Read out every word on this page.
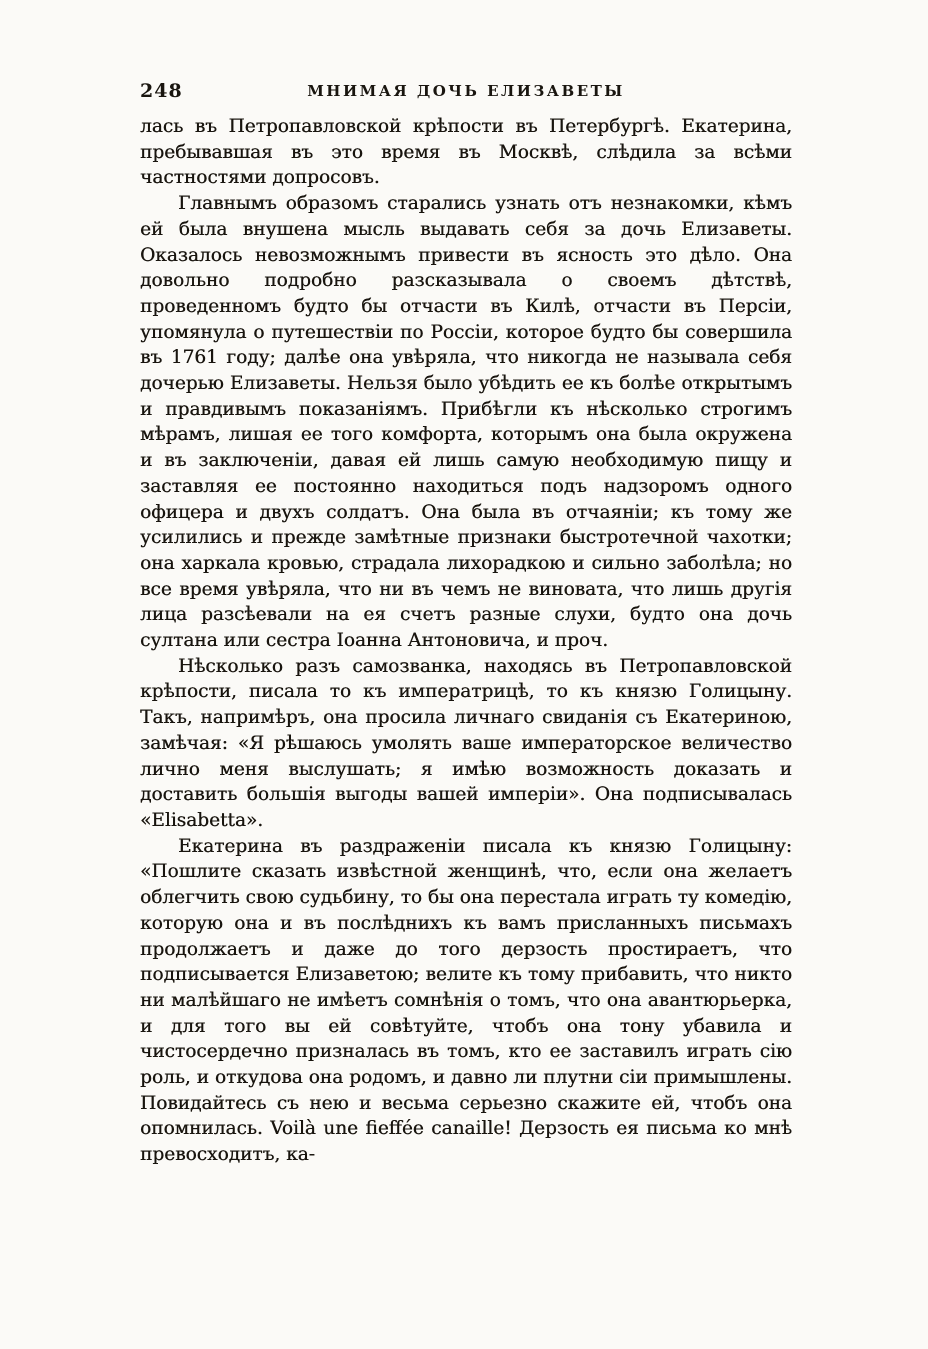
248	МНИМАЯ ДОЧЬ ЕЛИЗАВЕТЫ

лась въ Петропавловской крѣпости въ Петербургѣ. Екатерина, пребывавшая въ это время въ Москвѣ, слѣдила за всѣми частностями допросовъ.

Главнымъ образомъ старались узнать отъ незнакомки, кѣмъ ей была внушена мысль выдавать себя за дочь Елизаветы. Оказалось невозможнымъ привести въ ясность это дѣло. Она довольно подробно разсказывала о своемъ дѣтствѣ, проведенномъ будто бы отчасти въ Килѣ, отчасти въ Персіи, упомянула о путешествіи по Россіи, которое будто бы совершила въ 1761 году; далѣе она увѣряла, что никогда не называла себя дочерью Елизаветы. Нельзя было убѣдить ее къ болѣе открытымъ и правдивымъ показаніямъ. Прибѣгли къ нѣсколько строгимъ мѣрамъ, лишая ее того комфорта, которымъ она была окружена и въ заключеніи, давая ей лишь самую необходимую пищу и заставляя ее постоянно находиться подъ надзоромъ одного офицера и двухъ солдатъ. Она была въ отчаяніи; къ тому же усилились и прежде замѣтные признаки быстротечной чахотки; она харкала кровью, страдала лихорадкою и сильно заболѣла; но все время увѣряла, что ни въ чемъ не виновата, что лишь другія лица разсѣевали на ея счетъ разные слухи, будто она дочь султана или сестра Іоанна Антоновича, и проч.

Нѣсколько разъ самозванка, находясь въ Петропавловской крѣпости, писала то къ императрицѣ, то къ князю Голицыну. Такъ, напримѣръ, она просила личнаго свиданія съ Екатериною, замѣчая: «Я рѣшаюсь умолять ваше императорское величество лично меня выслушать; я имѣю возможность доказать и доставить большія выгоды вашей имперіи». Она подписывалась «Elisabetta».

Екатерина въ раздраженіи писала къ князю Голицыну: «Пошлите сказать извѣстной женщинѣ, что, если она желаетъ облегчить свою судьбину, то бы она перестала играть ту комедію, которую она и въ послѣднихъ къ вамъ присланныхъ письмахъ продолжаетъ и даже до того дерзость простираетъ, что подписывается Елизаветою; велите къ тому прибавить, что никто ни малѣйшаго не имѣетъ сомнѣнія о томъ, что она авантюрьерка, и для того вы ей совѣтуйте, чтобъ она тону убавила и чистосердечно призналась въ томъ, кто ее заставилъ играть сію роль, и откудова она родомъ, и давно ли плутни сіи примышлены. Повидайтесь съ нею и весьма серьезно скажите ей, чтобъ она опомнилась. Voilà une fieffée canaille! Дерзость ея письма ко мнѣ превосходитъ, ка-
